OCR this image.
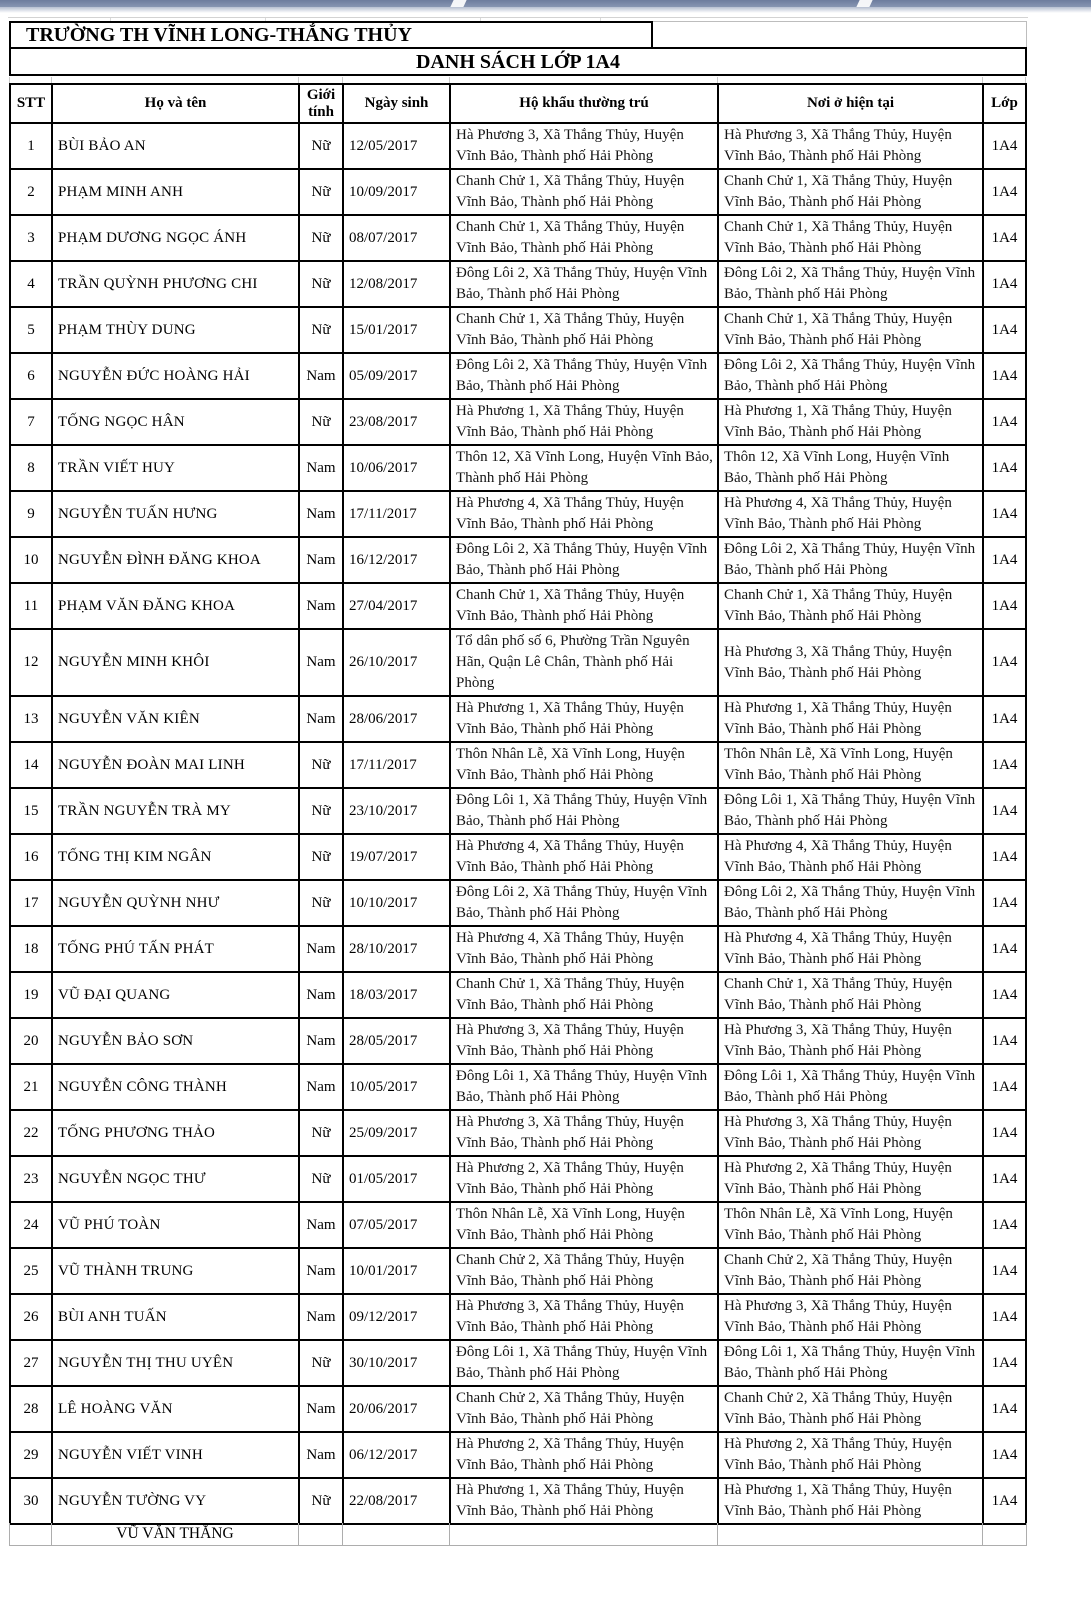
TRƯỜNG TH VĨNH LONG-THẮNG THỦY
DANH SÁCH LỚP 1A4
STT	Họ và tên	Giới tính	Ngày sinh	Hộ khẩu thường trú	Nơi ở hiện tại	Lớp
1	BÙI BẢO AN	Nữ	12/05/2017	Hà Phương 3, Xã Thắng Thủy, Huyện Vĩnh Bảo, Thành phố Hải Phòng	Hà Phương 3, Xã Thắng Thủy, Huyện Vĩnh Bảo, Thành phố Hải Phòng	1A4
2	PHẠM MINH ANH	Nữ	10/09/2017	Chanh Chử 1, Xã Thắng Thủy, Huyện Vĩnh Bảo, Thành phố Hải Phòng	Chanh Chử 1, Xã Thắng Thủy, Huyện Vĩnh Bảo, Thành phố Hải Phòng	1A4
3	PHẠM DƯƠNG NGỌC ÁNH	Nữ	08/07/2017	Chanh Chử 1, Xã Thắng Thủy, Huyện Vĩnh Bảo, Thành phố Hải Phòng	Chanh Chử 1, Xã Thắng Thủy, Huyện Vĩnh Bảo, Thành phố Hải Phòng	1A4
4	TRẦN QUỲNH PHƯƠNG CHI	Nữ	12/08/2017	Đông Lôi 2, Xã Thắng Thủy, Huyện Vĩnh Bảo, Thành phố Hải Phòng	Đông Lôi 2, Xã Thắng Thủy, Huyện Vĩnh Bảo, Thành phố Hải Phòng	1A4
5	PHẠM THÙY DUNG	Nữ	15/01/2017	Chanh Chử 1, Xã Thắng Thủy, Huyện Vĩnh Bảo, Thành phố Hải Phòng	Chanh Chử 1, Xã Thắng Thủy, Huyện Vĩnh Bảo, Thành phố Hải Phòng	1A4
6	NGUYỄN ĐỨC HOÀNG HẢI	Nam	05/09/2017	Đông Lôi 2, Xã Thắng Thủy, Huyện Vĩnh Bảo, Thành phố Hải Phòng	Đông Lôi 2, Xã Thắng Thủy, Huyện Vĩnh Bảo, Thành phố Hải Phòng	1A4
7	TỐNG NGỌC HÂN	Nữ	23/08/2017	Hà Phương 1, Xã Thắng Thủy, Huyện Vĩnh Bảo, Thành phố Hải Phòng	Hà Phương 1, Xã Thắng Thủy, Huyện Vĩnh Bảo, Thành phố Hải Phòng	1A4
8	TRẦN VIẾT HUY	Nam	10/06/2017	Thôn 12, Xã Vĩnh Long, Huyện Vĩnh Bảo, Thành phố Hải Phòng	Thôn 12, Xã Vĩnh Long, Huyện Vĩnh Bảo, Thành phố Hải Phòng	1A4
9	NGUYỄN TUẤN HƯNG	Nam	17/11/2017	Hà Phương 4, Xã Thắng Thủy, Huyện Vĩnh Bảo, Thành phố Hải Phòng	Hà Phương 4, Xã Thắng Thủy, Huyện Vĩnh Bảo, Thành phố Hải Phòng	1A4
10	NGUYỄN ĐÌNH ĐĂNG KHOA	Nam	16/12/2017	Đông Lôi 2, Xã Thắng Thủy, Huyện Vĩnh Bảo, Thành phố Hải Phòng	Đông Lôi 2, Xã Thắng Thủy, Huyện Vĩnh Bảo, Thành phố Hải Phòng	1A4
11	PHẠM VĂN ĐĂNG KHOA	Nam	27/04/2017	Chanh Chử 1, Xã Thắng Thủy, Huyện Vĩnh Bảo, Thành phố Hải Phòng	Chanh Chử 1, Xã Thắng Thủy, Huyện Vĩnh Bảo, Thành phố Hải Phòng	1A4
12	NGUYỄN MINH KHÔI	Nam	26/10/2017	Tổ dân phố số 6, Phường Trần Nguyên Hãn, Quận Lê Chân, Thành phố Hải Phòng	Hà Phương 3, Xã Thắng Thủy, Huyện Vĩnh Bảo, Thành phố Hải Phòng	1A4
13	NGUYỄN VĂN KIÊN	Nam	28/06/2017	Hà Phương 1, Xã Thắng Thủy, Huyện Vĩnh Bảo, Thành phố Hải Phòng	Hà Phương 1, Xã Thắng Thủy, Huyện Vĩnh Bảo, Thành phố Hải Phòng	1A4
14	NGUYỄN ĐOÀN MAI LINH	Nữ	17/11/2017	Thôn Nhân Lễ, Xã Vĩnh Long, Huyện Vĩnh Bảo, Thành phố Hải Phòng	Thôn Nhân Lễ, Xã Vĩnh Long, Huyện Vĩnh Bảo, Thành phố Hải Phòng	1A4
15	TRẦN NGUYỄN TRÀ MY	Nữ	23/10/2017	Đông Lôi 1, Xã Thắng Thủy, Huyện Vĩnh Bảo, Thành phố Hải Phòng	Đông Lôi 1, Xã Thắng Thủy, Huyện Vĩnh Bảo, Thành phố Hải Phòng	1A4
16	TỐNG THỊ KIM NGÂN	Nữ	19/07/2017	Hà Phương 4, Xã Thắng Thủy, Huyện Vĩnh Bảo, Thành phố Hải Phòng	Hà Phương 4, Xã Thắng Thủy, Huyện Vĩnh Bảo, Thành phố Hải Phòng	1A4
17	NGUYỄN QUỲNH NHƯ	Nữ	10/10/2017	Đông Lôi 2, Xã Thắng Thủy, Huyện Vĩnh Bảo, Thành phố Hải Phòng	Đông Lôi 2, Xã Thắng Thủy, Huyện Vĩnh Bảo, Thành phố Hải Phòng	1A4
18	TỐNG PHÚ TẤN PHÁT	Nam	28/10/2017	Hà Phương 4, Xã Thắng Thủy, Huyện Vĩnh Bảo, Thành phố Hải Phòng	Hà Phương 4, Xã Thắng Thủy, Huyện Vĩnh Bảo, Thành phố Hải Phòng	1A4
19	VŨ ĐẠI QUANG	Nam	18/03/2017	Chanh Chử 1, Xã Thắng Thủy, Huyện Vĩnh Bảo, Thành phố Hải Phòng	Chanh Chử 1, Xã Thắng Thủy, Huyện Vĩnh Bảo, Thành phố Hải Phòng	1A4
20	NGUYỄN BẢO SƠN	Nam	28/05/2017	Hà Phương 3, Xã Thắng Thủy, Huyện Vĩnh Bảo, Thành phố Hải Phòng	Hà Phương 3, Xã Thắng Thủy, Huyện Vĩnh Bảo, Thành phố Hải Phòng	1A4
21	NGUYỄN CÔNG THÀNH	Nam	10/05/2017	Đông Lôi 1, Xã Thắng Thủy, Huyện Vĩnh Bảo, Thành phố Hải Phòng	Đông Lôi 1, Xã Thắng Thủy, Huyện Vĩnh Bảo, Thành phố Hải Phòng	1A4
22	TỐNG PHƯƠNG THẢO	Nữ	25/09/2017	Hà Phương 3, Xã Thắng Thủy, Huyện Vĩnh Bảo, Thành phố Hải Phòng	Hà Phương 3, Xã Thắng Thủy, Huyện Vĩnh Bảo, Thành phố Hải Phòng	1A4
23	NGUYỄN NGỌC THƯ	Nữ	01/05/2017	Hà Phương 2, Xã Thắng Thủy, Huyện Vĩnh Bảo, Thành phố Hải Phòng	Hà Phương 2, Xã Thắng Thủy, Huyện Vĩnh Bảo, Thành phố Hải Phòng	1A4
24	VŨ PHÚ TOÀN	Nam	07/05/2017	Thôn Nhân Lễ, Xã Vĩnh Long, Huyện Vĩnh Bảo, Thành phố Hải Phòng	Thôn Nhân Lễ, Xã Vĩnh Long, Huyện Vĩnh Bảo, Thành phố Hải Phòng	1A4
25	VŨ THÀNH TRUNG	Nam	10/01/2017	Chanh Chử 2, Xã Thắng Thủy, Huyện Vĩnh Bảo, Thành phố Hải Phòng	Chanh Chử 2, Xã Thắng Thủy, Huyện Vĩnh Bảo, Thành phố Hải Phòng	1A4
26	BÙI ANH TUẤN	Nam	09/12/2017	Hà Phương 3, Xã Thắng Thủy, Huyện Vĩnh Bảo, Thành phố Hải Phòng	Hà Phương 3, Xã Thắng Thủy, Huyện Vĩnh Bảo, Thành phố Hải Phòng	1A4
27	NGUYỄN THỊ THU UYÊN	Nữ	30/10/2017	Đông Lôi 1, Xã Thắng Thủy, Huyện Vĩnh Bảo, Thành phố Hải Phòng	Đông Lôi 1, Xã Thắng Thủy, Huyện Vĩnh Bảo, Thành phố Hải Phòng	1A4
28	LÊ HOÀNG VĂN	Nam	20/06/2017	Chanh Chử 2, Xã Thắng Thủy, Huyện Vĩnh Bảo, Thành phố Hải Phòng	Chanh Chử 2, Xã Thắng Thủy, Huyện Vĩnh Bảo, Thành phố Hải Phòng	1A4
29	NGUYỄN VIẾT VINH	Nam	06/12/2017	Hà Phương 2, Xã Thắng Thủy, Huyện Vĩnh Bảo, Thành phố Hải Phòng	Hà Phương 2, Xã Thắng Thủy, Huyện Vĩnh Bảo, Thành phố Hải Phòng	1A4
30	NGUYỄN TƯỜNG VY	Nữ	22/08/2017	Hà Phương 1, Xã Thắng Thủy, Huyện Vĩnh Bảo, Thành phố Hải Phòng	Hà Phương 1, Xã Thắng Thủy, Huyện Vĩnh Bảo, Thành phố Hải Phòng	1A4
VŨ VĂN THẮNG
